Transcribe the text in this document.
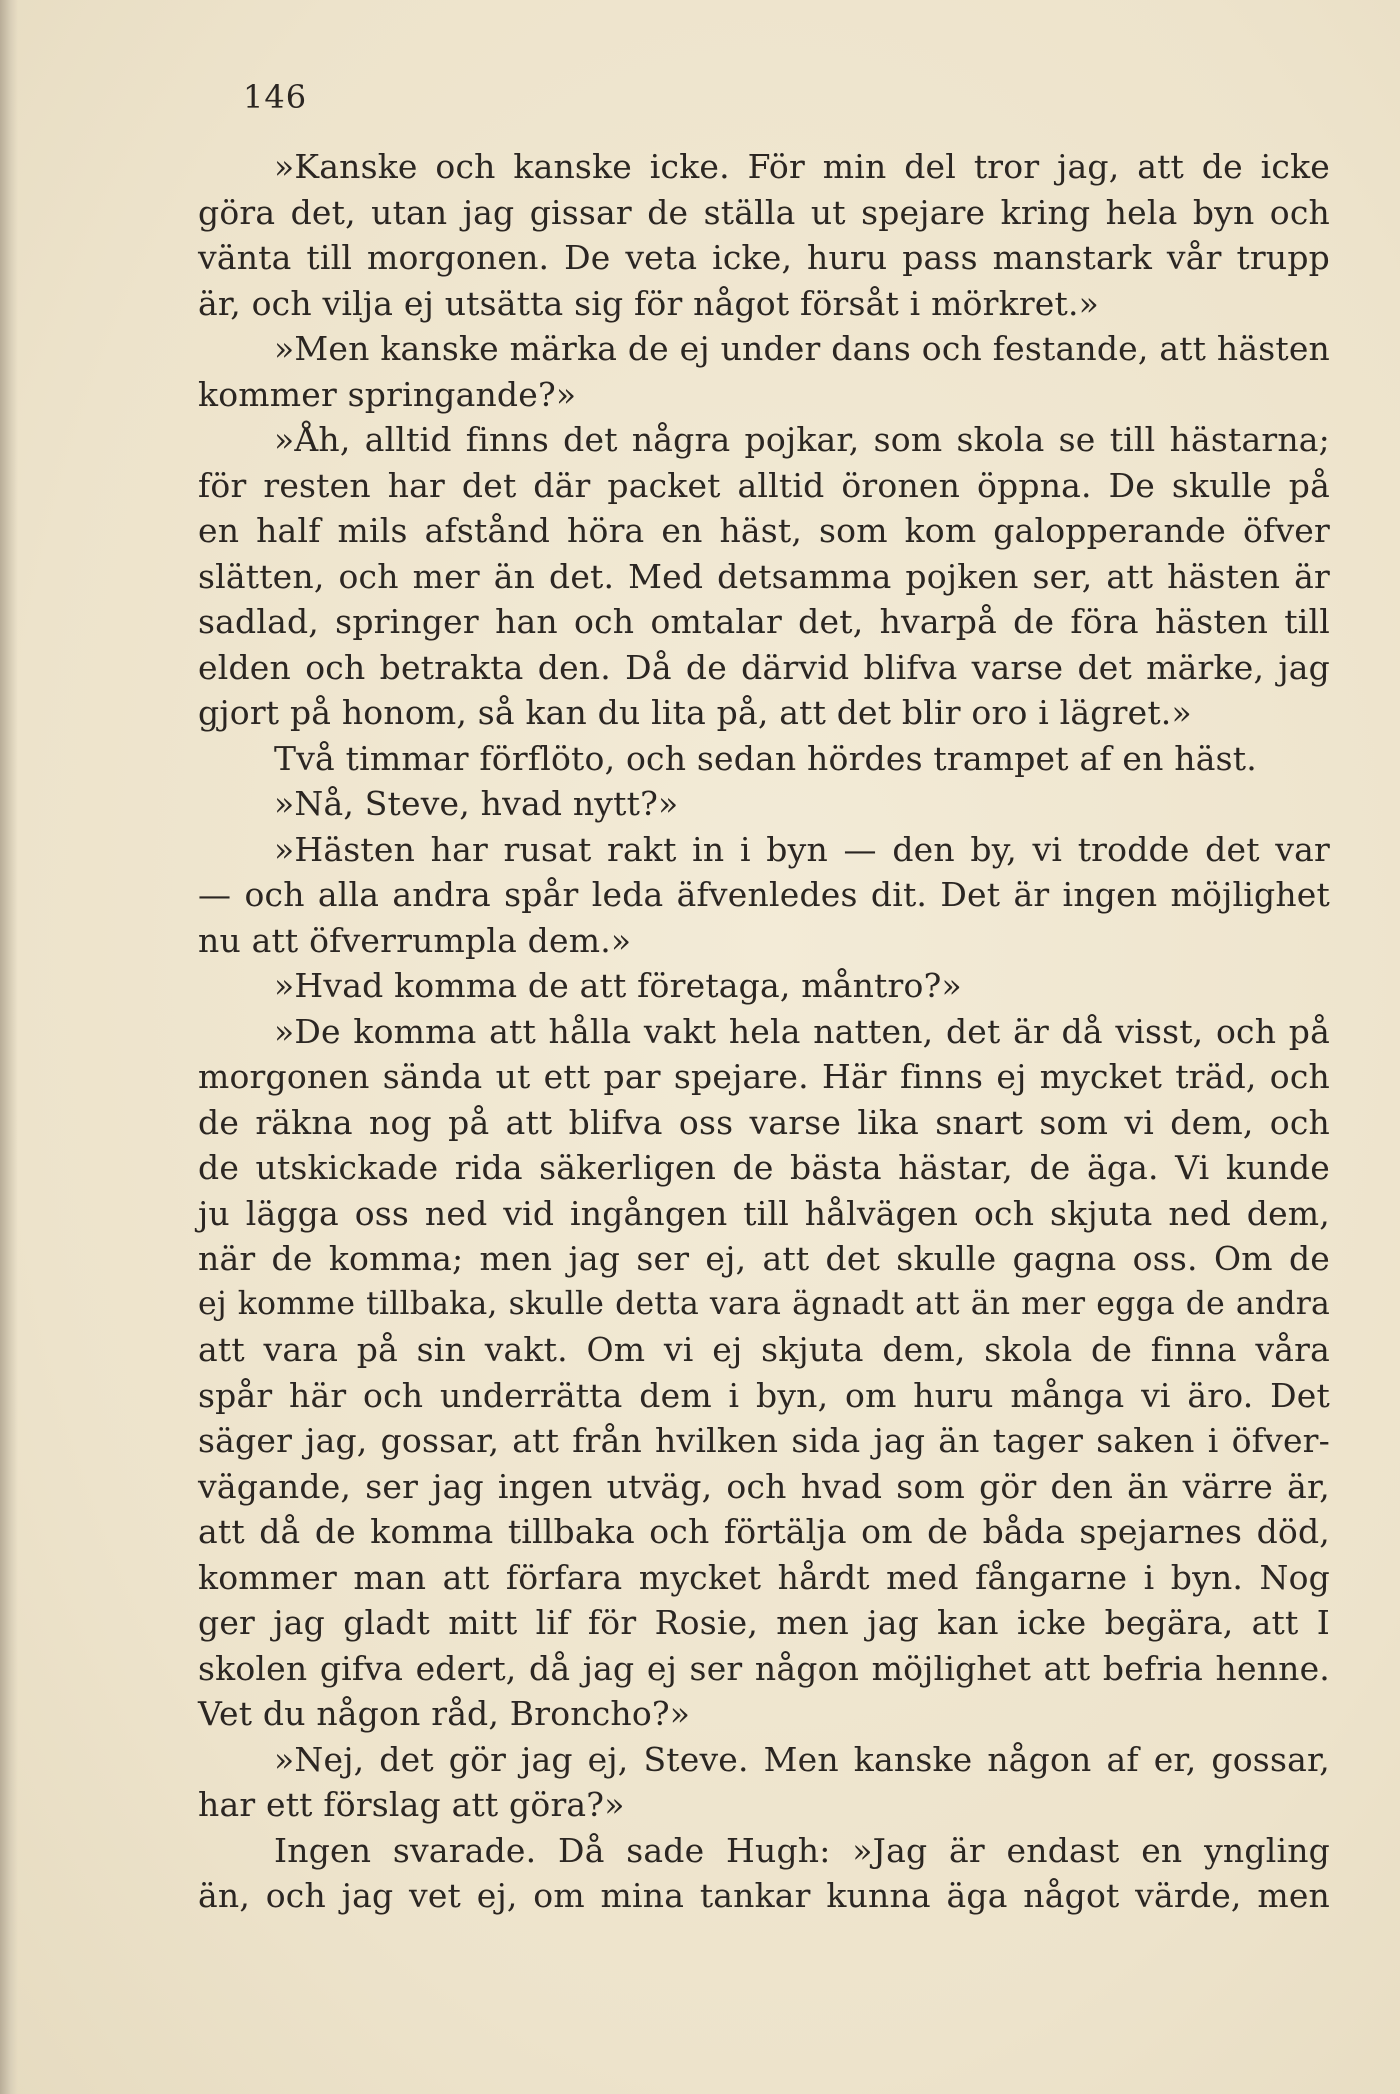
146
»Kanske och kanske icke. För min del tror jag, att de icke
göra det, utan jag gissar de ställa ut spejare kring hela byn och
vänta till morgonen. De veta icke, huru pass manstark vår trupp
är, och vilja ej utsätta sig för något försåt i mörkret.»
»Men kanske märka de ej under dans och festande, att hästen
kommer springande?»
»Åh, alltid finns det några pojkar, som skola se till hästarna;
för resten har det där packet alltid öronen öppna. De skulle på
en half mils afstånd höra en häst, som kom galopperande öfver
slätten, och mer än det. Med detsamma pojken ser, att hästen är
sadlad, springer han och omtalar det, hvarpå de föra hästen till
elden och betrakta den. Då de därvid blifva varse det märke, jag
gjort på honom, så kan du lita på, att det blir oro i lägret.»
Två timmar förflöto, och sedan hördes trampet af en häst.
»Nå, Steve, hvad nytt?»
»Hästen har rusat rakt in i byn — den by, vi trodde det var
— och alla andra spår leda äfvenledes dit. Det är ingen möjlighet
nu att öfverrumpla dem.»
»Hvad komma de att företaga, måntro?»
»De komma att hålla vakt hela natten, det är då visst, och på
morgonen sända ut ett par spejare. Här finns ej mycket träd, och
de räkna nog på att blifva oss varse lika snart som vi dem, och
de utskickade rida säkerligen de bästa hästar, de äga. Vi kunde
ju lägga oss ned vid ingången till hålvägen och skjuta ned dem,
när de komma; men jag ser ej, att det skulle gagna oss. Om de
ej komme tillbaka, skulle detta vara ägnadt att än mer egga de andra
att vara på sin vakt. Om vi ej skjuta dem, skola de finna våra
spår här och underrätta dem i byn, om huru många vi äro. Det
säger jag, gossar, att från hvilken sida jag än tager saken i öfver-
vägande, ser jag ingen utväg, och hvad som gör den än värre är,
att då de komma tillbaka och förtälja om de båda spejarnes död,
kommer man att förfara mycket hårdt med fångarne i byn. Nog
ger jag gladt mitt lif för Rosie, men jag kan icke begära, att I
skolen gifva edert, då jag ej ser någon möjlighet att befria henne.
Vet du någon råd, Broncho?»
»Nej, det gör jag ej, Steve. Men kanske någon af er, gossar,
har ett förslag att göra?»
Ingen svarade. Då sade Hugh: »Jag är endast en yngling
än, och jag vet ej, om mina tankar kunna äga något värde, men
